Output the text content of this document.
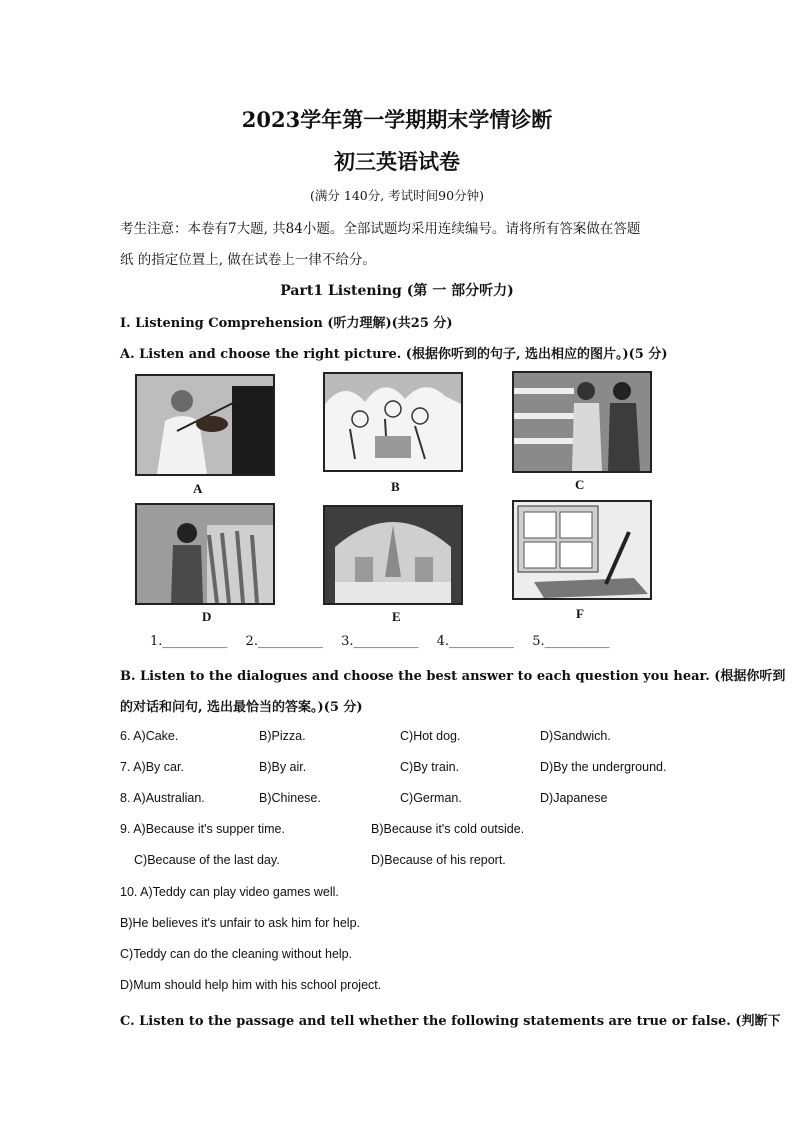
2023学年第一学期期末学情诊断
初三英语试卷
(满分 140分, 考试时间90分钟)
考生注意：本卷有7大题, 共84小题。全部试题均采用连续编号。请将所有答案做在答题
纸 的指定位置上, 做在试卷上一律不给分。
Part1 Listening (第 一 部分听力)
I. Listening Comprehension (听力理解)(共25 分)
A. Listen and choose the right picture. (根据你听到的句子, 选出相应的图片。)(5 分)
A	B	C
D	E	F
1.__________ 2.__________ 3.__________ 4.__________ 5.__________
B. Listen to the dialogues and choose the best answer to each question you hear. (根据你听到
的对话和问句, 选出最恰当的答案。)(5 分)
6. A)Cake.	B)Pizza.	C)Hot dog.	D)Sandwich.
7. A)By car.	B)By air.	C)By train.	D)By the underground.
8. A)Australian.	B)Chinese.	C)German.	D)Japanese
9. A)Because it's supper time.	B)Because it's cold outside.
C)Because of the last day.	D)Because of his report.
10. A)Teddy can play video games well.
B)He believes it's unfair to ask him for help.
C)Teddy can do the cleaning without help.
D)Mum should help him with his school project.
C. Listen to the passage and tell whether the following statements are true or false. (判断下
